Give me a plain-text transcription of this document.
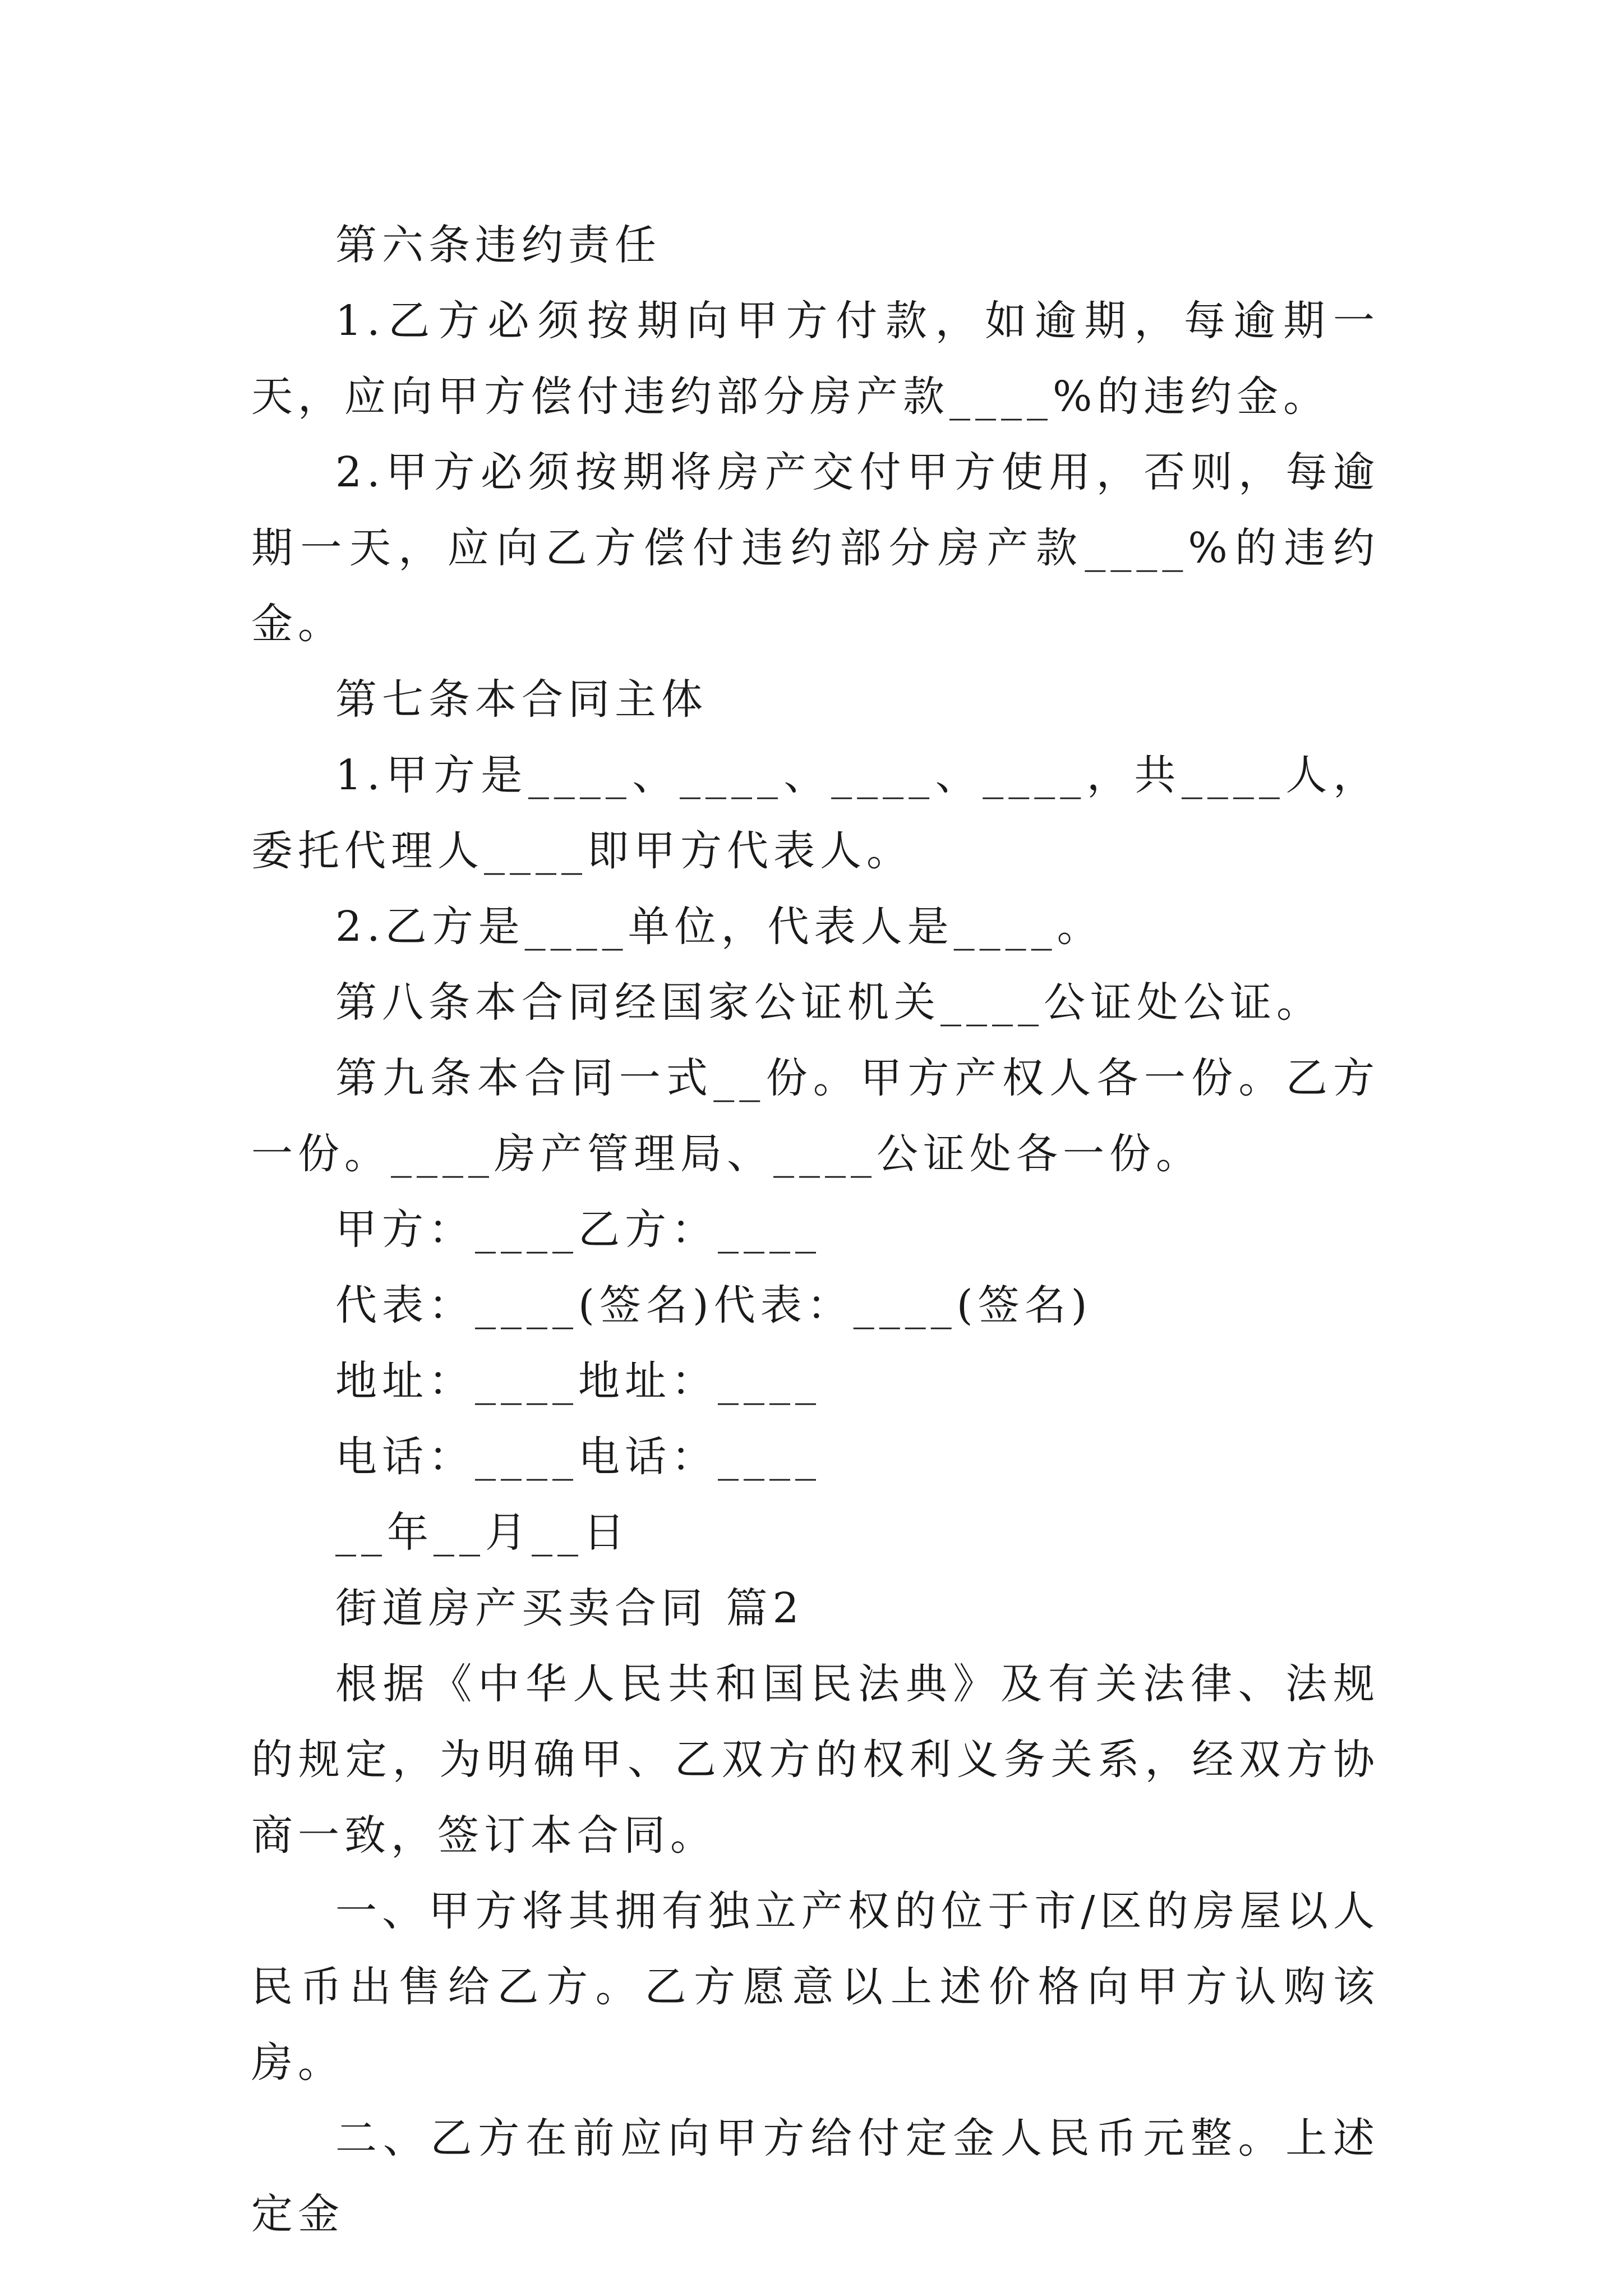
第六条违约责任

1.乙方必须按期向甲方付款，如逾期，每逾期一天，应向甲方偿付违约部分房产款____%的违约金。

2.甲方必须按期将房产交付甲方使用，否则，每逾期一天，应向乙方偿付违约部分房产款____%的违约金。

第七条本合同主体

1.甲方是____、____、____、____，共____人，委托代理人____即甲方代表人。

2.乙方是____单位，代表人是____。

第八条本合同经国家公证机关____公证处公证。

第九条本合同一式__份。甲方产权人各一份。乙方一份。____房产管理局、____公证处各一份。

甲方：____乙方：____

代表：____(签名)代表：____(签名)

地址：____地址：____

电话：____电话：____

__年__月__日

街道房产买卖合同 篇2

根据《中华人民共和国民法典》及有关法律、法规的规定，为明确甲、乙双方的权利义务关系，经双方协商一致，签订本合同。

一、甲方将其拥有独立产权的位于市/区的房屋以人民币出售给乙方。乙方愿意以上述价格向甲方认购该房。

二、乙方在前应向甲方给付定金人民币元整。上述定金
